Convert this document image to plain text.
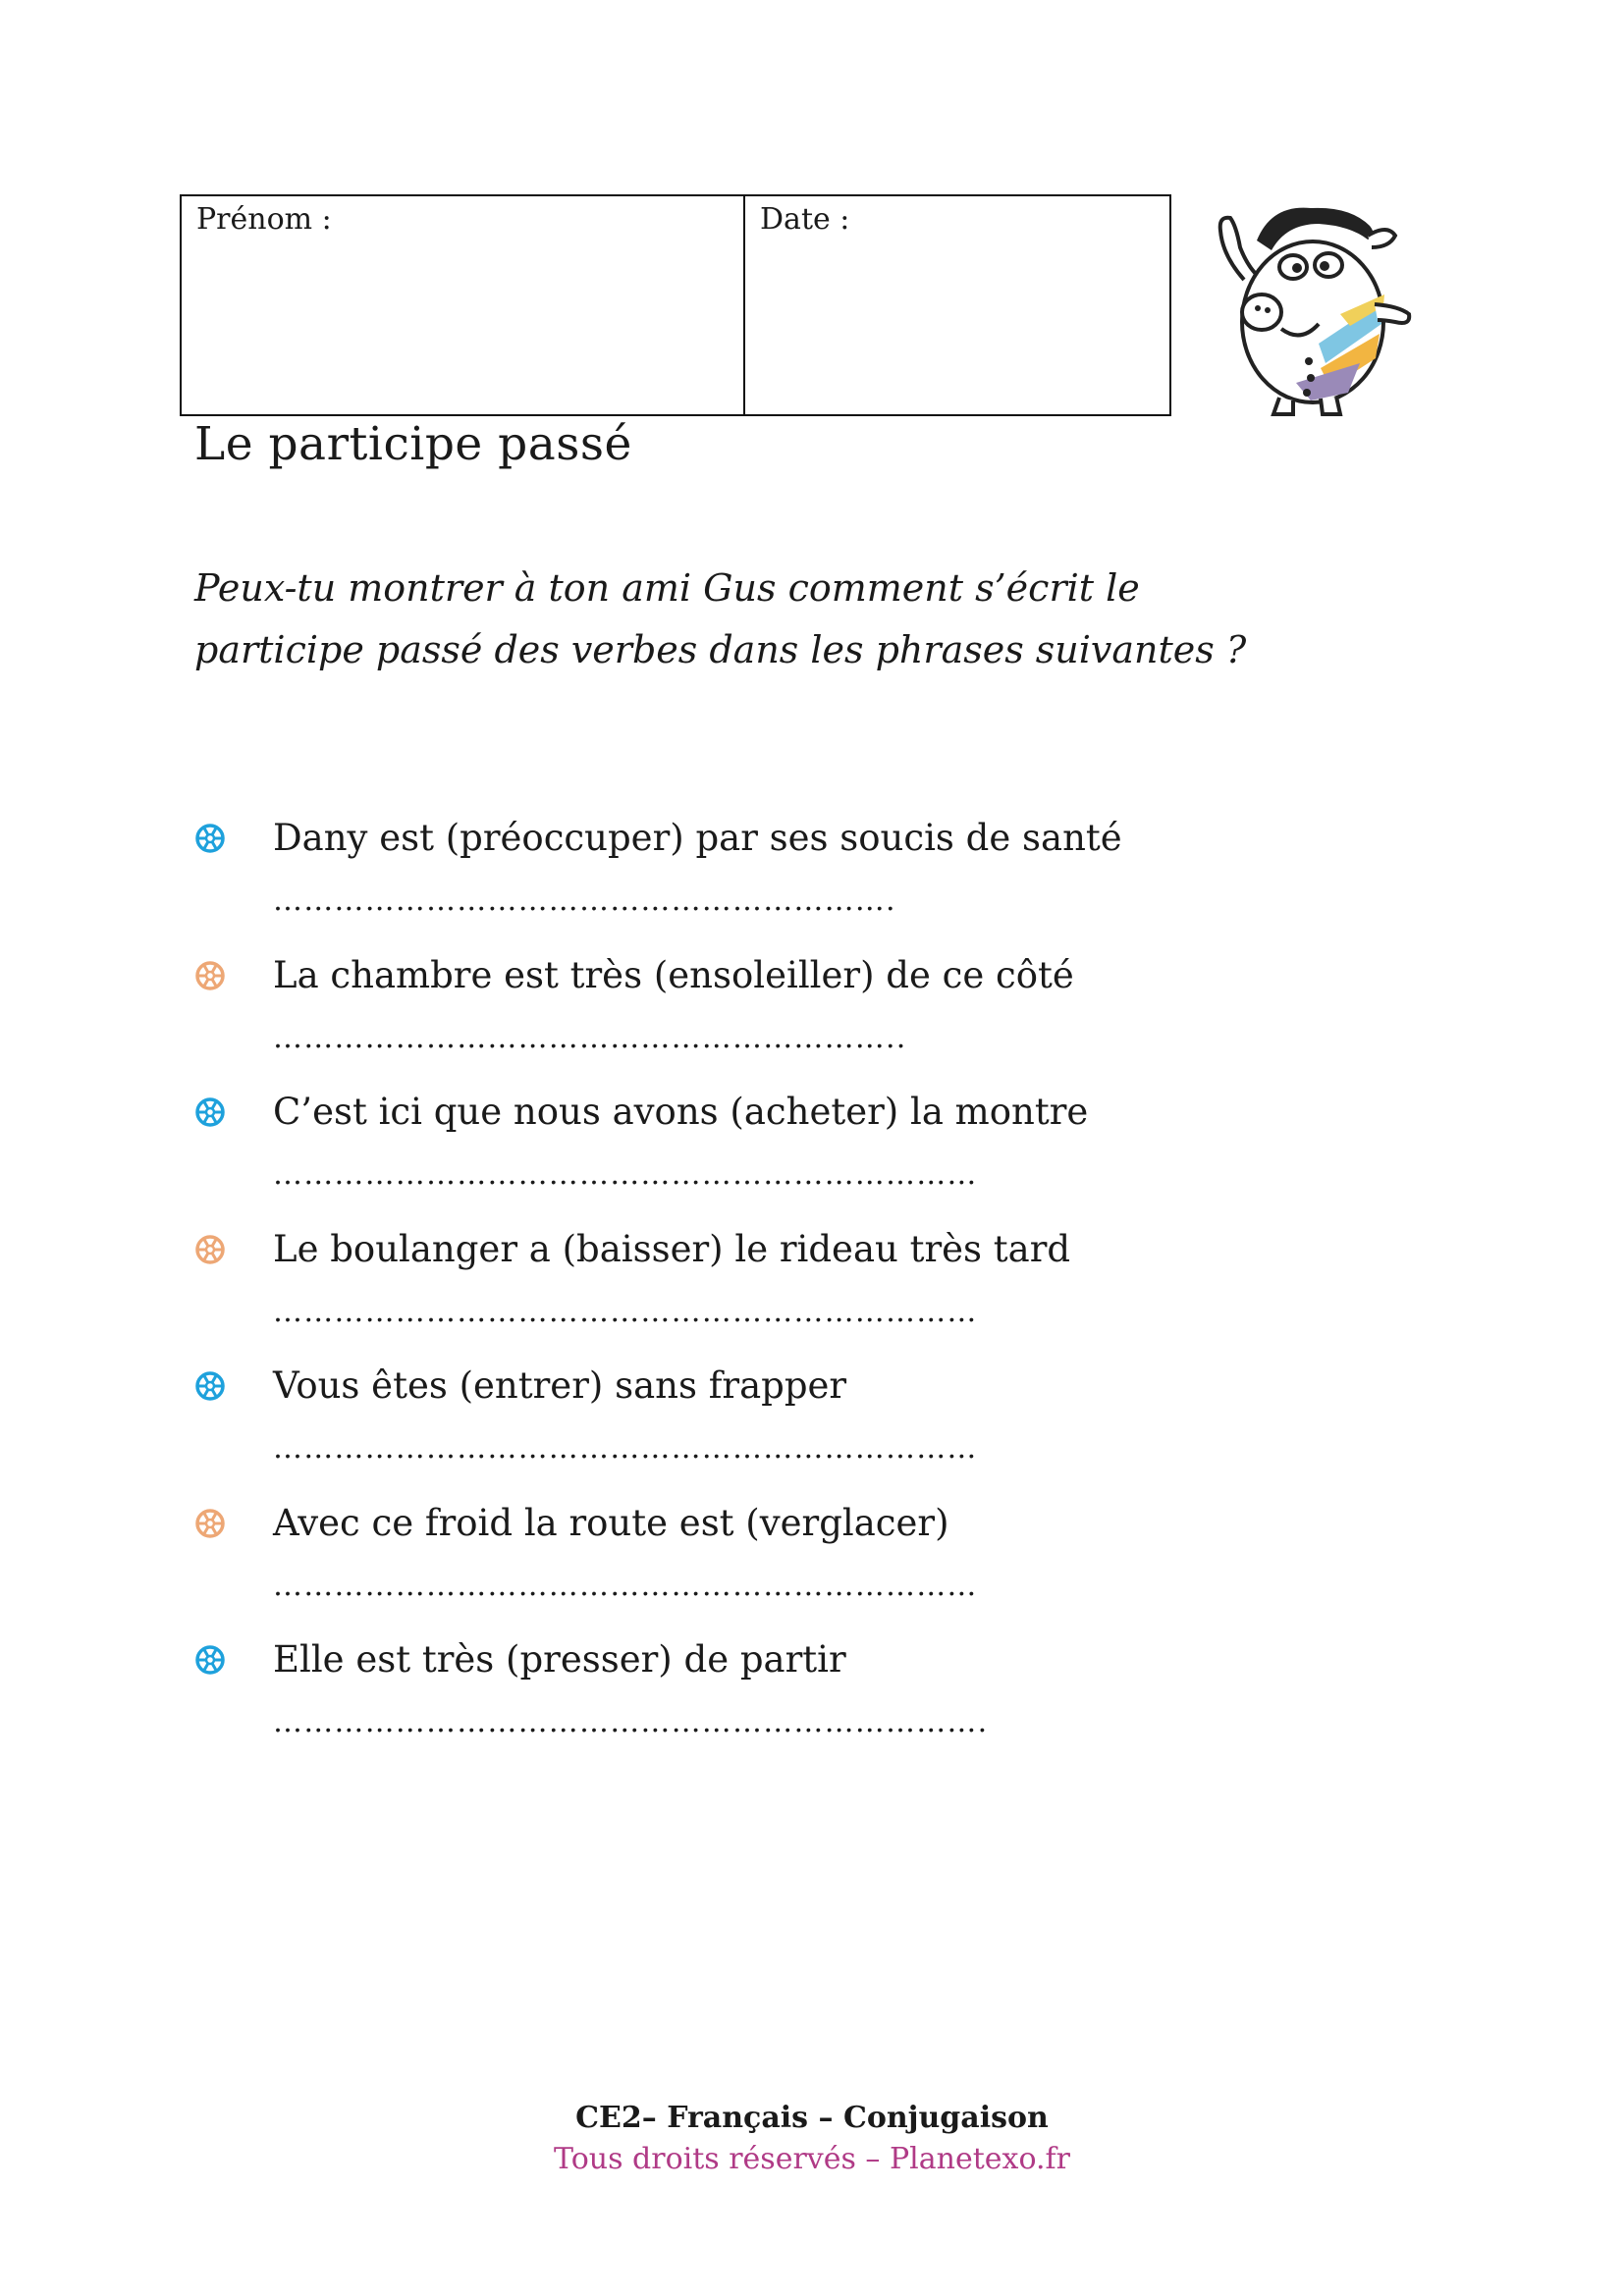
Prénom :	Date :
Le participe passé
Peux-tu montrer à ton ami Gus comment s’écrit le
participe passé des verbes dans les phrases suivantes ?
Dany est (préoccuper) par ses soucis de santé
…………………………………………………….
La chambre est très (ensoleiller) de ce côté
……………………………………………………..
C’est ici que nous avons (acheter) la montre
……………………………………………………………
Le boulanger a (baisser) le rideau très tard
……………………………………………………………
Vous êtes (entrer) sans frapper
……………………………………………………………
Avec ce froid la route est (verglacer)
……………………………………………………………
Elle est très (presser) de partir
…………………………………………………………….
CE2– Français – Conjugaison
Tous droits réservés – Planetexo.fr
